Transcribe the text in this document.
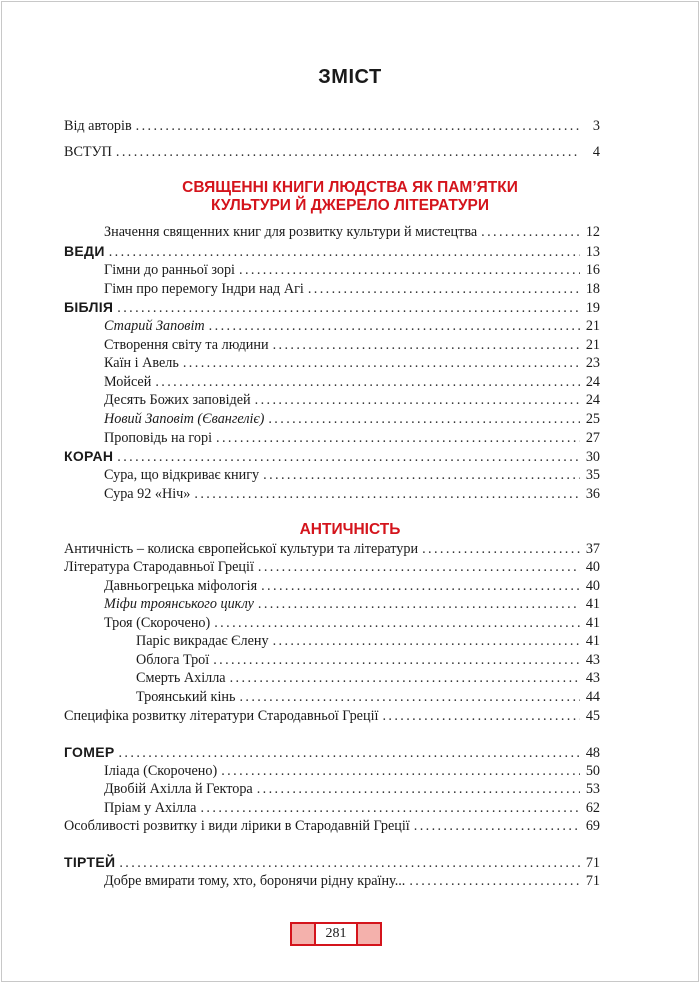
ЗМІСТ
Від авторів .....	3
ВСТУП .....	4
СВЯЩЕННІ КНИГИ ЛЮДСТВА ЯК ПАМ’ЯТКИ
КУЛЬТУРИ Й ДЖЕРЕЛО ЛІТЕРАТУРИ
Значення священних книг для розвитку культури й мистецтва .....	12
ВЕДИ .....	13
Гімни до ранньої зорі .....	16
Гімн про перемогу Індри над Агі .....	18
БІБЛІЯ .....	19
Старий Заповіт .....	21
Створення світу та людини .....	21
Каїн і Авель .....	23
Мойсей .....	24
Десять Божих заповідей .....	24
Новий Заповіт (Євангеліє) .....	25
Проповідь на горі .....	27
КОРАН .....	30
Сура, що відкриває книгу .....	35
Сура 92 «Ніч» .....	36
АНТИЧНІСТЬ
Античність – колиска європейської культури та літератури .....	37
Література Стародавньої Греції .....	40
Давньогрецька міфологія .....	40
Міфи троянського циклу .....	41
Троя (Скорочено) .....	41
Паріс викрадає Єлену .....	41
Облога Трої .....	43
Смерть Ахілла .....	43
Троянський кінь .....	44
Специфіка розвитку літератури Стародавньої Греції .....	45
ГОМЕР .....	48
Іліада (Скорочено) .....	50
Двобій Ахілла й Гектора .....	53
Пріам у Ахілла .....	62
Особливості розвитку і види лірики в Стародавній Греції .....	69
ТІРТЕЙ .....	71
Добре вмирати тому, хто, боронячи рідну країну... .....	71
281
